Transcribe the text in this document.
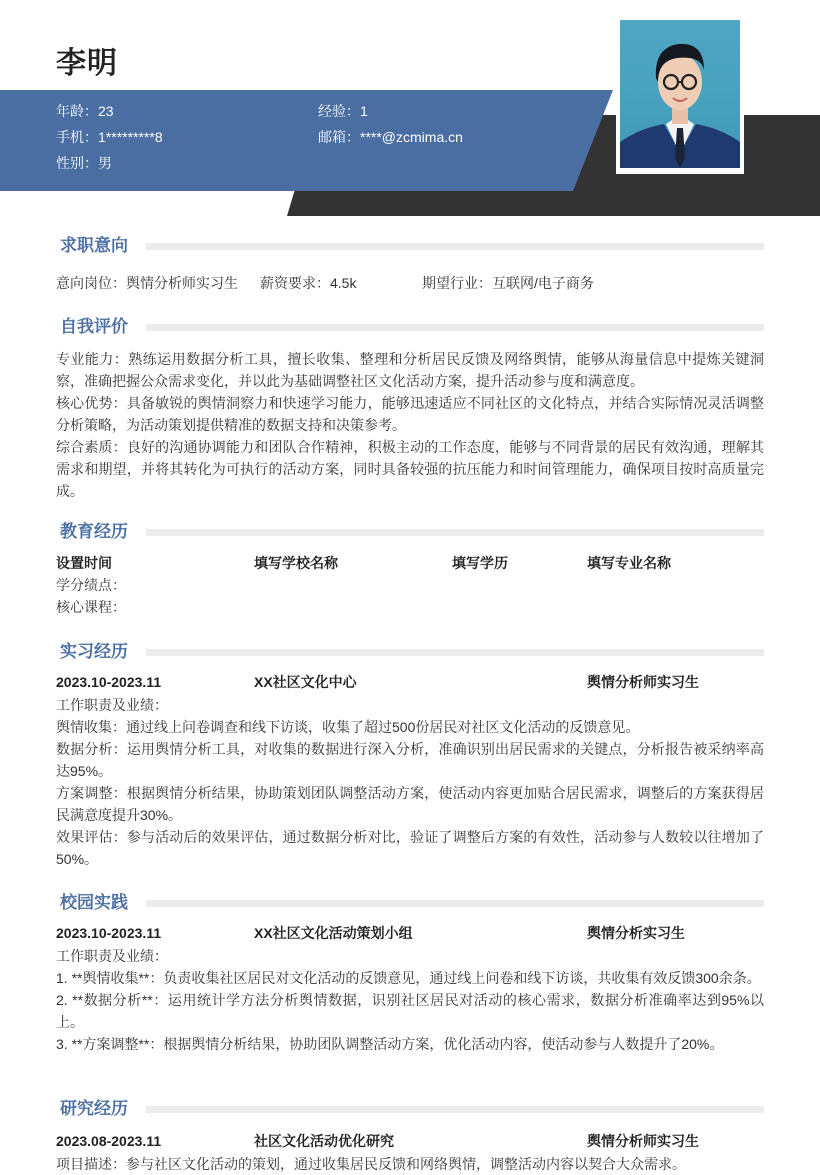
李明
年龄：23	经验：1
手机：1*********8	邮箱：****@zcmima.cn
性别：男
求职意向
意向岗位：舆情分析师实习生 薪资要求：4.5k	期望行业：互联网/电子商务
自我评价

专业能力：熟练运用数据分析工具，擅长收集、整理和分析居民反馈及网络舆情，能够从海量信息中提炼关键洞察，准确把握公众需求变化，并以此为基础调整社区文化活动方案，提升活动参与度和满意度。

核心优势：具备敏锐的舆情洞察力和快速学习能力，能够迅速适应不同社区的文化特点，并结合实际情况灵活调整分析策略，为活动策划提供精准的数据支持和决策参考。

综合素质：良好的沟通协调能力和团队合作精神，积极主动的工作态度，能够与不同背景的居民有效沟通，理解其需求和期望，并将其转化为可执行的活动方案，同时具备较强的抗压能力和时间管理能力，确保项目按时高质量完成。

教育经历
设置时间	填写学校名称	填写学历	填写专业名称

学分绩点：

核心课程：

实习经历
2023.10-2023.11	XX社区文化中心	舆情分析师实习生

工作职责及业绩：

舆情收集：通过线上问卷调查和线下访谈，收集了超过500份居民对社区文化活动的反馈意见。

数据分析：运用舆情分析工具，对收集的数据进行深入分析，准确识别出居民需求的关键点，分析报告被采纳率高达95%。

方案调整：根据舆情分析结果，协助策划团队调整活动方案，使活动内容更加贴合居民需求，调整后的方案获得居民满意度提升30%。

效果评估：参与活动后的效果评估，通过数据分析对比，验证了调整后方案的有效性，活动参与人数较以往增加了50%。

校园实践
2023.10-2023.11	XX社区文化活动策划小组	舆情分析实习生

工作职责及业绩：

1. **舆情收集**：负责收集社区居民对文化活动的反馈意见，通过线上问卷和线下访谈，共收集有效反馈300余条。

2. **数据分析**：运用统计学方法分析舆情数据，识别社区居民对活动的核心需求，数据分析准确率达到95%以上。

3. **方案调整**：根据舆情分析结果，协助团队调整活动方案，优化活动内容，使活动参与人数提升了20%。

研究经历
2023.08-2023.11	社区文化活动优化研究	舆情分析师实习生

项目描述：参与社区文化活动的策划，通过收集居民反馈和网络舆情，调整活动内容以契合大众需求。
